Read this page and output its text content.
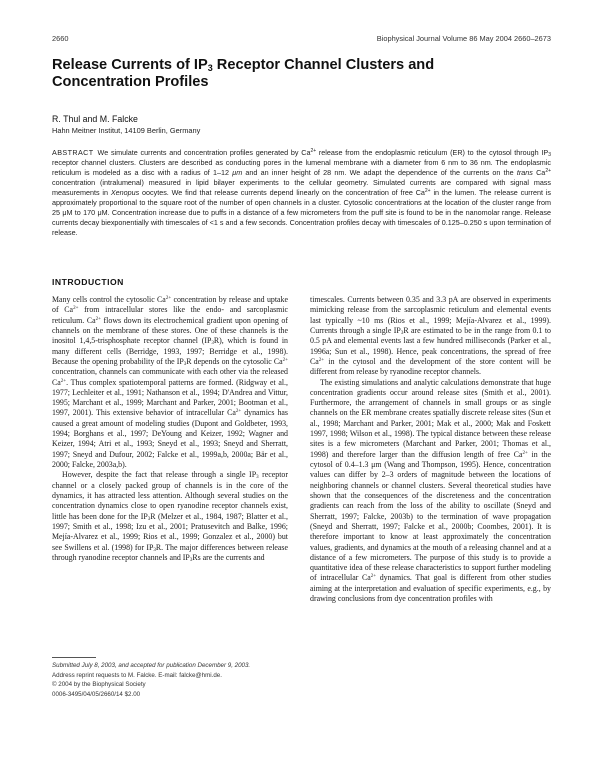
2660	Biophysical Journal Volume 86 May 2004 2660–2673
Release Currents of $IP_3$ Receptor Channel Clusters and Concentration Profiles
R. Thul and M. Falcke
Hahn Meitner Institut, 14109 Berlin, Germany

ABSTRACT We simulate currents and concentration profiles generated by $Ca^{2+}$ release from the endoplasmic reticulum (ER) to the cytosol through $IP_3$ receptor channel clusters. Clusters are described as conducting pores in the lumenal membrane with a diameter from 6 nm to 36 nm. The endoplasmic reticulum is modeled as a disc with a radius of 1–12 μm and an inner height of 28 nm. We adapt the dependence of the currents on the trans $Ca^{2+}$ concentration (intralumenal) measured in lipid bilayer experiments to the cellular geometry. Simulated currents are compared with signal mass measurements in Xenopus oocytes. We find that release currents depend linearly on the concentration of free $Ca^{2+}$ in the lumen. The release current is approximately proportional to the square root of the number of open channels in a cluster. Cytosolic concentrations at the location of the cluster range from 25 μM to 170 μM. Concentration increase due to puffs in a distance of a few micrometers from the puff site is found to be in the nanomolar range. Release currents decay biexponentially with timescales of <1 s and a few seconds. Concentration profiles decay with timescales of 0.125–0.250 s upon termination of release.

INTRODUCTION

Many cells control the cytosolic $Ca^{2+}$ concentration by release and uptake of $Ca^{2+}$ from intracellular stores like the endo- and sarcoplasmic reticulum. $Ca^{2+}$ flows down its electrochemical gradient upon opening of channels on the membrane of these stores. One of these channels is the inositol 1,4,5-trisphosphate receptor channel $(IP_3R)$, which is found in many different cells (Berridge, 1993, 1997; Berridge et al., 1998). Because the opening probability of the $IP_3R$ depends on the cytosolic $Ca^{2+}$ concentration, channels can communicate with each other via the released $Ca^{2+}$. Thus complex spatiotemporal patterns are formed. (Ridgway et al., 1977; Lechleiter et al., 1991; Nathanson et al., 1994; D'Andrea and Vittur, 1995; Marchant et al., 1999; Marchant and Parker, 2001; Bootman et al., 1997, 2001). This extensive behavior of intracellular $Ca^{2+}$ dynamics has caused a great amount of modeling studies (Dupont and Goldbeter, 1993, 1994; Borghans et al., 1997; DeYoung and Keizer, 1992; Wagner and Keizer, 1994; Atri et al., 1993; Sneyd et al., 1993; Sneyd and Sherratt, 1997; Sneyd and Dufour, 2002; Falcke et al., 1999a,b, 2000a; Bär et al., 2000; Falcke, 2003a,b).

However, despite the fact that release through a single $IP_3$ receptor channel or a closely packed group of channels is in the core of the dynamics, it has attracted less attention. Although several studies on the concentration dynamics close to open ryanodine receptor channels exist, little has been done for the $IP_3R$ (Melzer et al., 1984, 1987; Blatter et al., 1997; Smith et al., 1998; Izu et al., 2001; Pratusevitch and Balke, 1996; Mejía-Alvarez et al., 1999; Rios et al., 1999; Gonzalez et al., 2000) but see Swillens et al. (1998) for $IP_3R$. The major differences between release through ryanodine receptor channels and $IP_3Rs$ are the currents and

timescales. Currents between 0.35 and 3.3 pA are observed in experiments mimicking release from the sarcoplasmic reticulum and elemental events last typically ~10 ms (Rios et al., 1999; Mejía-Alvarez et al., 1999). Currents through a single $IP_3R$ are estimated to be in the range from 0.1 to 0.5 pA and elemental events last a few hundred milliseconds (Parker et al., 1996a; Sun et al., 1998). Hence, peak concentrations, the spread of free $Ca^{2+}$ in the cytosol and the development of the store content will be different from release by ryanodine receptor channels.

The existing simulations and analytic calculations demonstrate that huge concentration gradients occur around release sites (Smith et al., 2001). Furthermore, the arrangement of channels in small groups or as single channels on the ER membrane creates spatially discrete release sites (Sun et al., 1998; Marchant and Parker, 2001; Mak et al., 2000; Mak and Foskett 1997, 1998; Wilson et al., 1998). The typical distance between these release sites is a few micrometers (Marchant and Parker, 2001; Thomas et al., 1998) and therefore larger than the diffusion length of free $Ca^{2+}$ in the cytosol of 0.4–1.3 μm (Wang and Thompson, 1995). Hence, concentration values can differ by 2–3 orders of magnitude between the locations of neighboring channels or channel clusters. Several theoretical studies have shown that the consequences of the discreteness and the concentration gradients can reach from the loss of the ability to oscillate (Sneyd and Sherratt, 1997; Falcke, 2003b) to the termination of wave propagation (Sneyd and Sherratt, 1997; Falcke et al., 2000b; Coombes, 2001). It is therefore important to know at least approximately the concentration values, gradients, and dynamics at the mouth of a releasing channel and at a distance of a few micrometers. The purpose of this study is to provide a quantitative idea of these release characteristics to support further modeling of intracellular $Ca^{2+}$ dynamics. That goal is different from other studies aiming at the interpretation and evaluation of specific experiments, e.g., by drawing conclusions from dye concentration profiles with

Submitted July 8, 2003, and accepted for publication December 9, 2003.
Address reprint requests to M. Falcke. E-mail: falcke@hmi.de.
© 2004 by the Biophysical Society
0006-3495/04/05/2660/14 $2.00
